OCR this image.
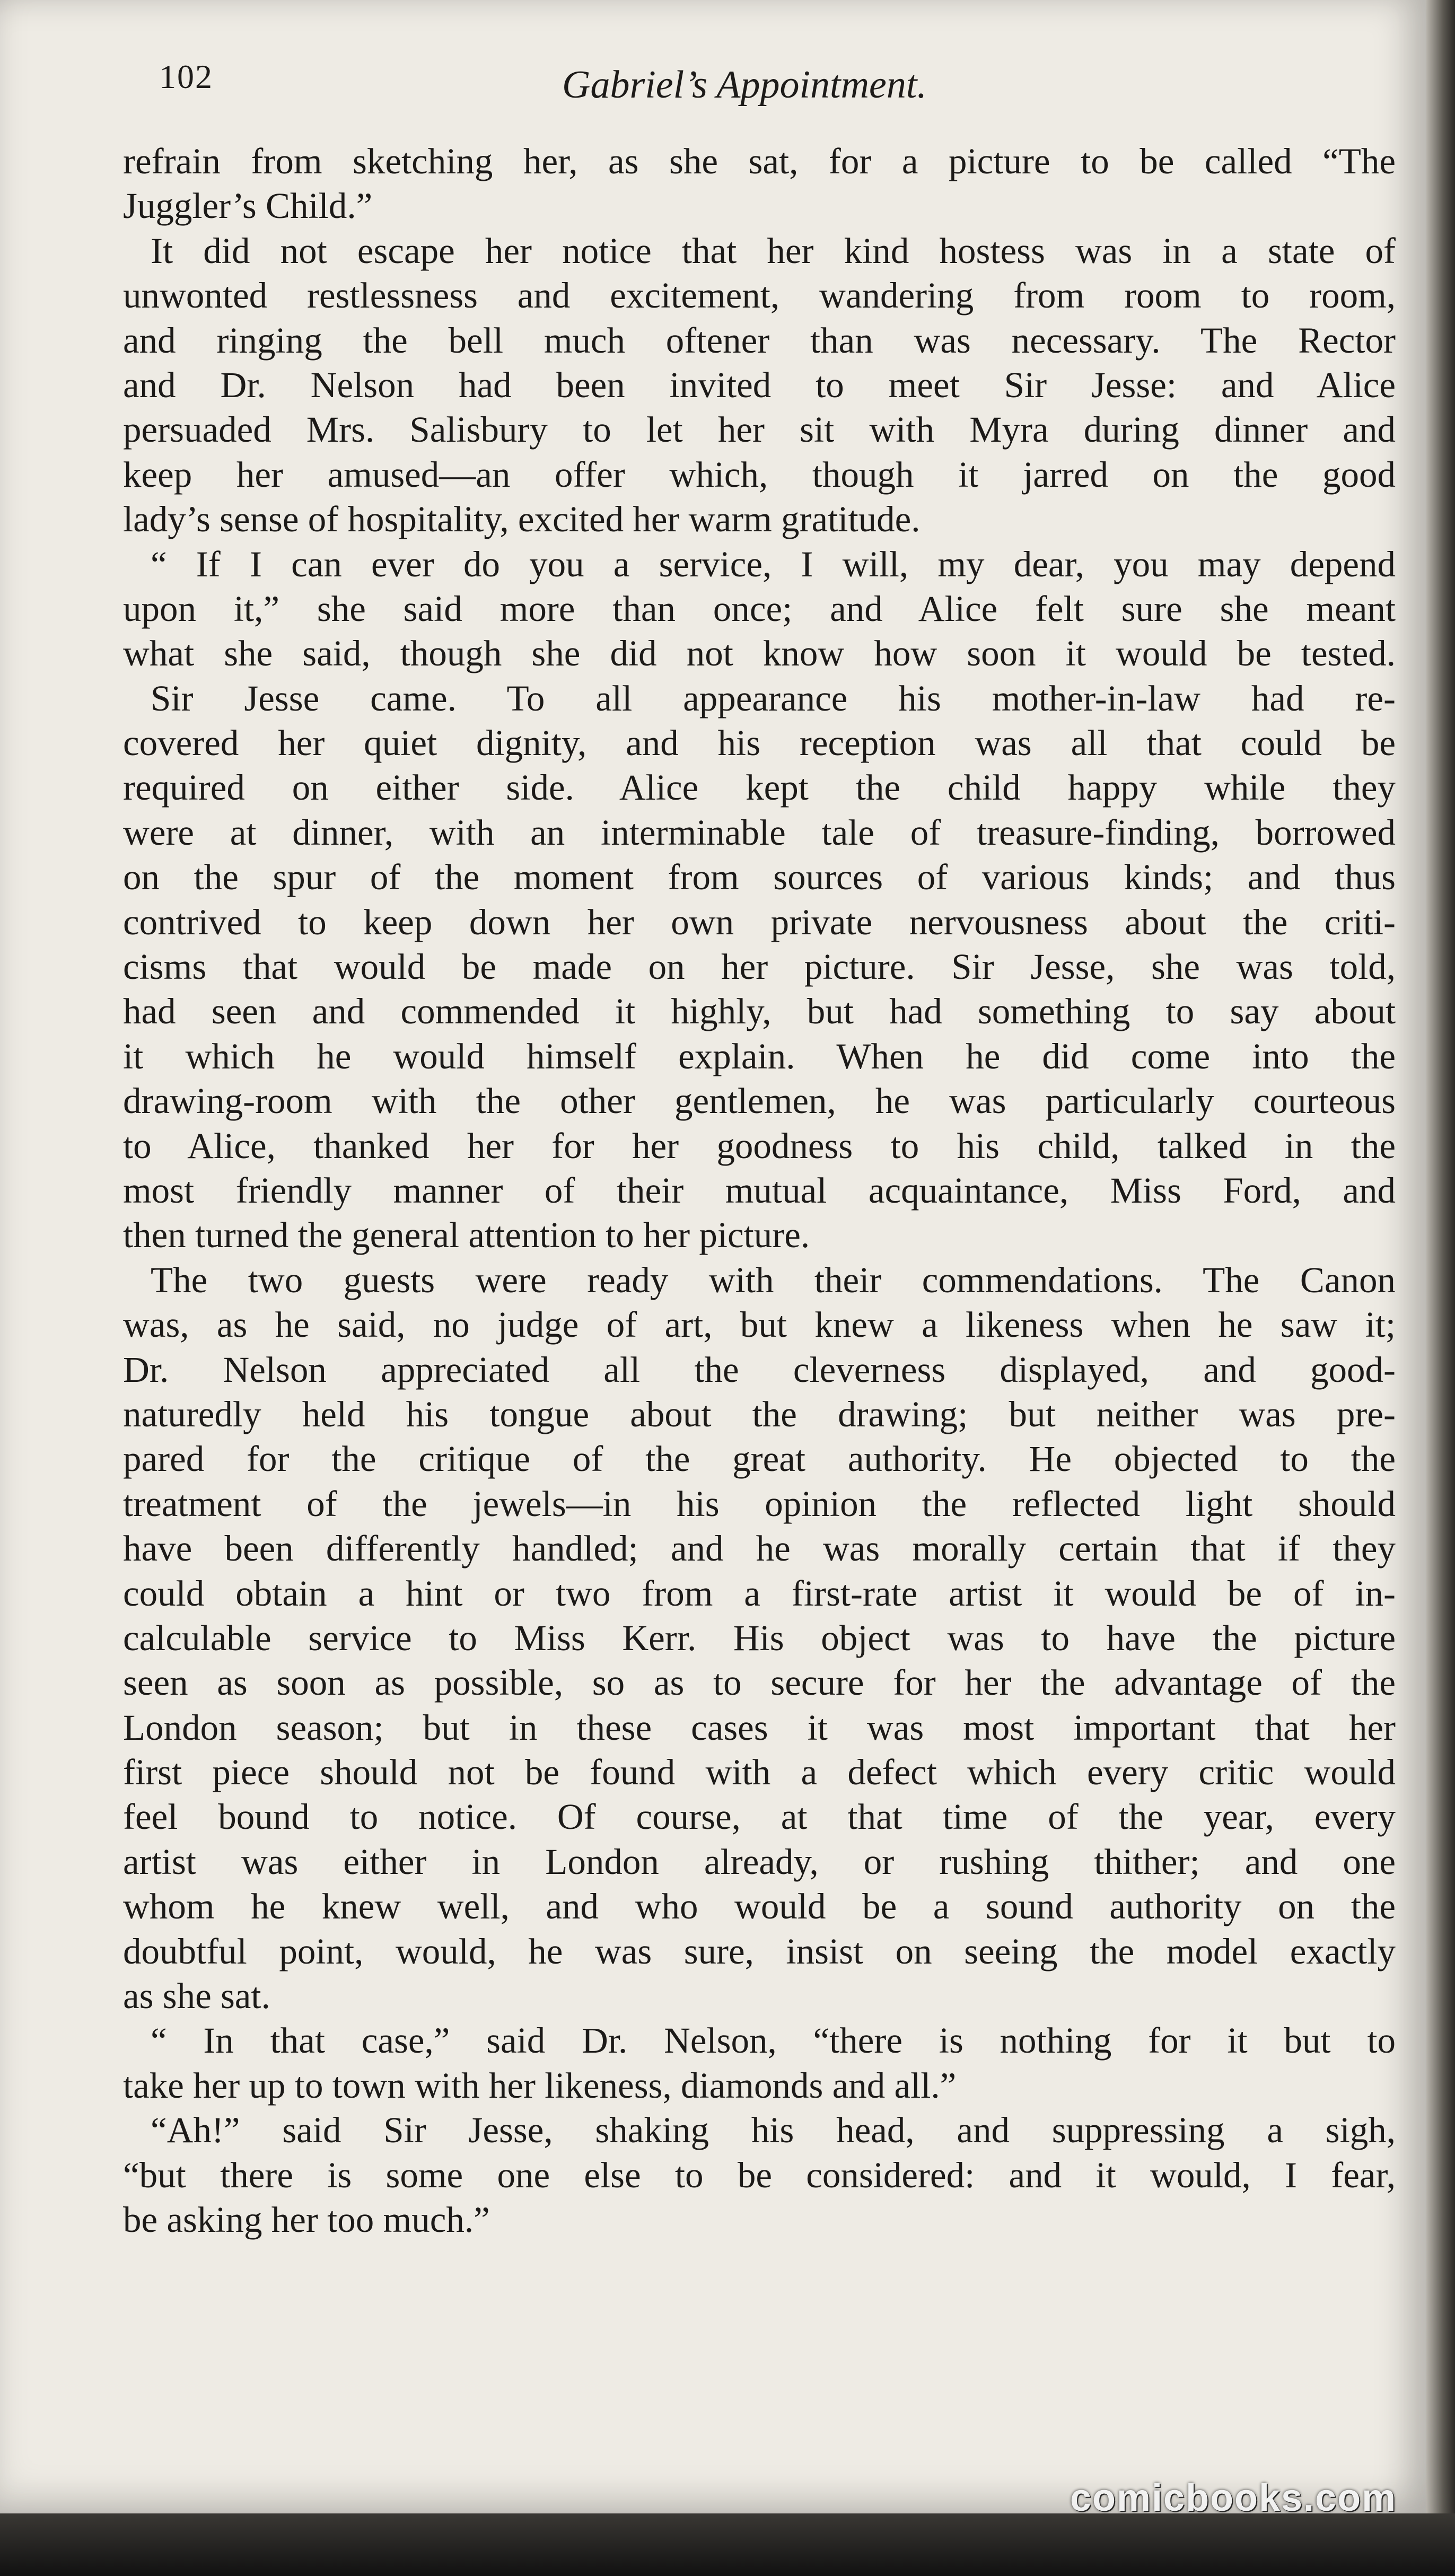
102	Gabriel’s Appointment.
refrain from sketching her, as she sat, for a picture to be called “The
Juggler’s Child.”
It did not escape her notice that her kind hostess was in a state of
unwonted restlessness and excitement, wandering from room to room,
and ringing the bell much oftener than was necessary. The Rector
and Dr. Nelson had been invited to meet Sir Jesse: and Alice
persuaded Mrs. Salisbury to let her sit with Myra during dinner and
keep her amused—an offer which, though it jarred on the good
lady’s sense of hospitality, excited her warm gratitude.
“ If I can ever do you a service, I will, my dear, you may depend
upon it,” she said more than once; and Alice felt sure she meant
what she said, though she did not know how soon it would be tested.
Sir Jesse came. To all appearance his mother-in-law had re-
covered her quiet dignity, and his reception was all that could be
required on either side. Alice kept the child happy while they
were at dinner, with an interminable tale of treasure-finding, borrowed
on the spur of the moment from sources of various kinds; and thus
contrived to keep down her own private nervousness about the criti-
cisms that would be made on her picture. Sir Jesse, she was told,
had seen and commended it highly, but had something to say about
it which he would himself explain. When he did come into the
drawing-room with the other gentlemen, he was particularly courteous
to Alice, thanked her for her goodness to his child, talked in the
most friendly manner of their mutual acquaintance, Miss Ford, and
then turned the general attention to her picture.
The two guests were ready with their commendations. The Canon
was, as he said, no judge of art, but knew a likeness when he saw it;
Dr. Nelson appreciated all the cleverness displayed, and good-
naturedly held his tongue about the drawing; but neither was pre-
pared for the critique of the great authority. He objected to the
treatment of the jewels—in his opinion the reflected light should
have been differently handled; and he was morally certain that if they
could obtain a hint or two from a first-rate artist it would be of in-
calculable service to Miss Kerr. His object was to have the picture
seen as soon as possible, so as to secure for her the advantage of the
London season; but in these cases it was most important that her
first piece should not be found with a defect which every critic would
feel bound to notice. Of course, at that time of the year, every
artist was either in London already, or rushing thither; and one
whom he knew well, and who would be a sound authority on the
doubtful point, would, he was sure, insist on seeing the model exactly
as she sat.
“ In that case,” said Dr. Nelson, “there is nothing for it but to
take her up to town with her likeness, diamonds and all.”
“Ah!” said Sir Jesse, shaking his head, and suppressing a sigh,
“but there is some one else to be considered: and it would, I fear,
be asking her too much.”
comicbooks.com
